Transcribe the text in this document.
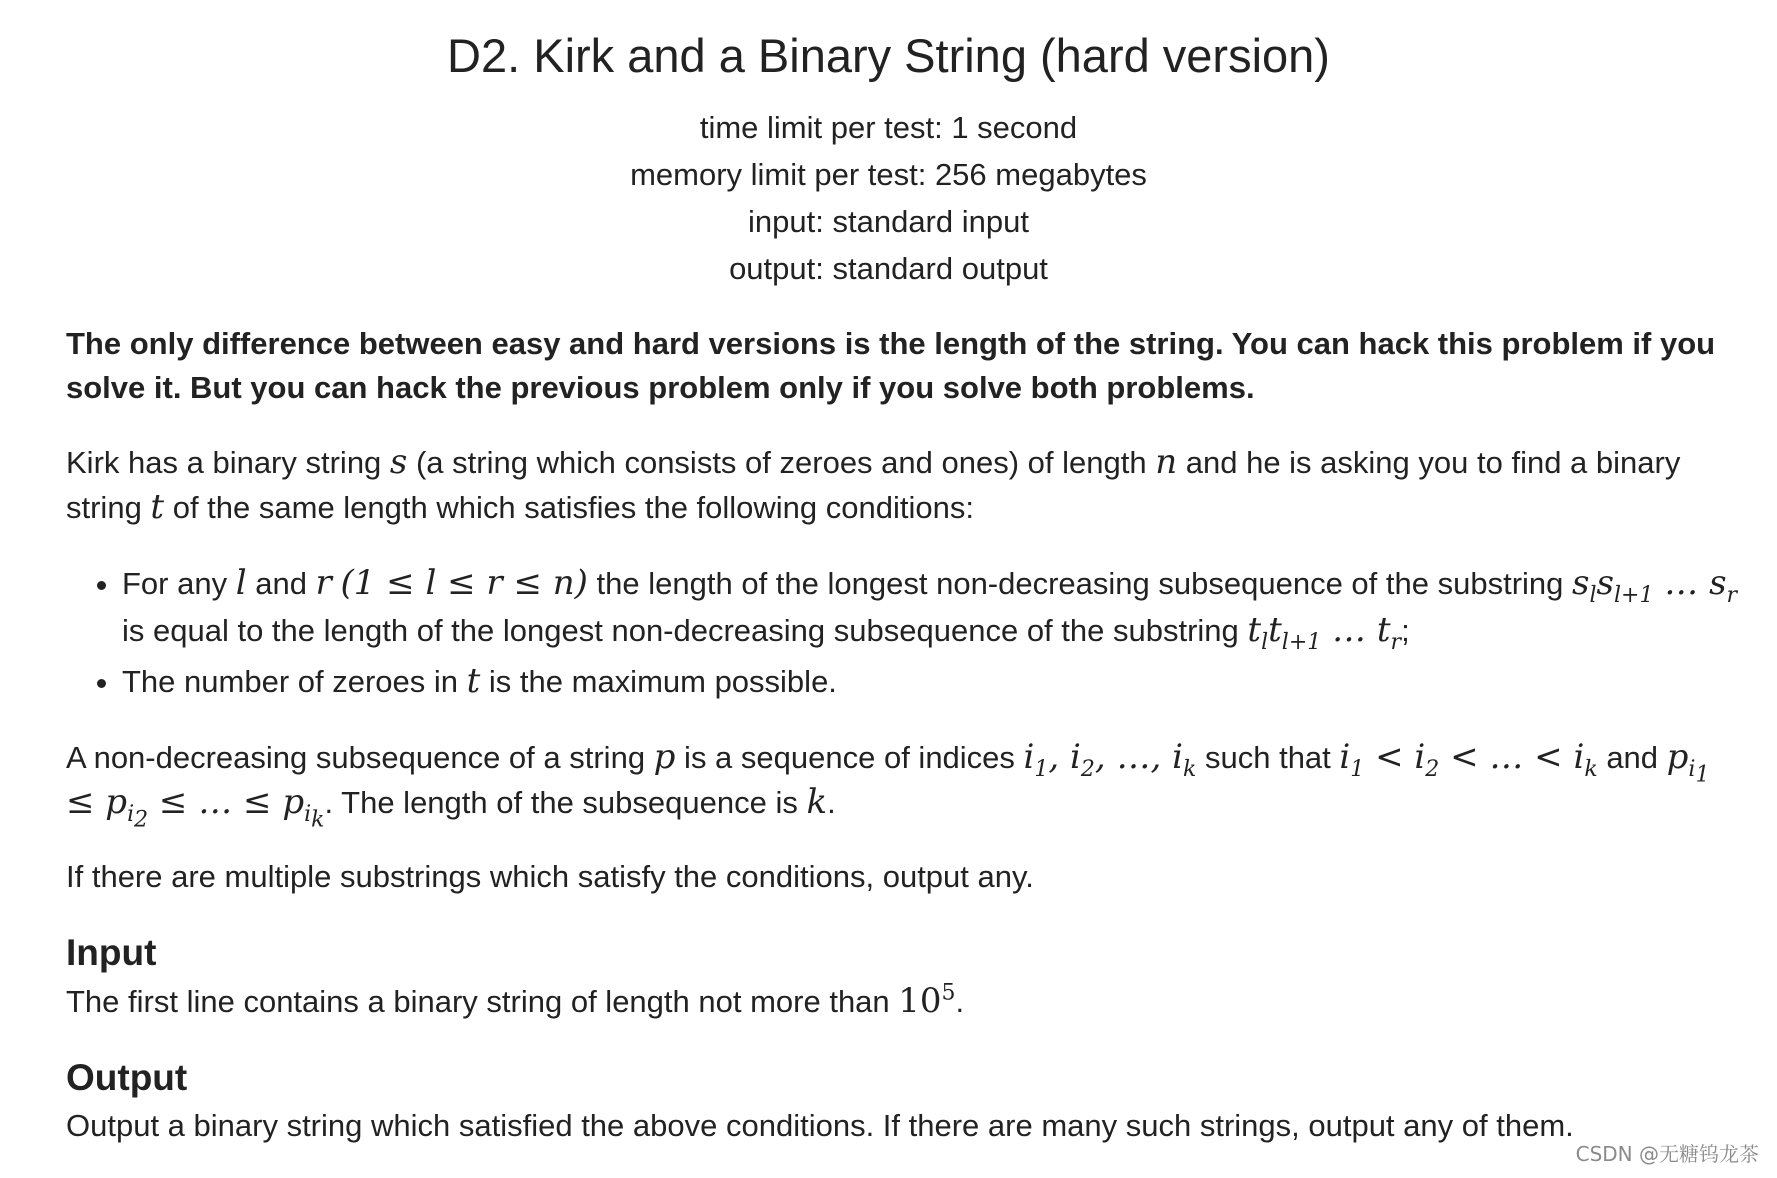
D2. Kirk and a Binary String (hard version)
time limit per test: 1 second
memory limit per test: 256 megabytes
input: standard input
output: standard output

The only difference between easy and hard versions is the length of the string. You can hack this problem if you solve it. But you can hack the previous problem only if you solve both problems.

Kirk has a binary string s (a string which consists of zeroes and ones) of length n and he is asking you to find a binary string t of the same length which satisfies the following conditions:

• For any l and r (1 ≤ l ≤ r ≤ n) the length of the longest non-decreasing subsequence of the substring $s_ls_{l+1}$ … $s_r$ is equal to the length of the longest non-decreasing subsequence of the substring $t_lt_{l+1}$ … $t_r$;
• The number of zeroes in t is the maximum possible.

A non-decreasing subsequence of a string p is a sequence of indices $i_1$, $i_2$, …, $i_k$ such that $i_1 < i_2$ < … < $i_k$ and $p_{i_1} \le p_{i_2}$ ≤ … ≤ $p_{i_k}$. The length of the subsequence is k.

If there are multiple substrings which satisfy the conditions, output any.

Input

The first line contains a binary string of length not more than $10^5$.

Output

Output a binary string which satisfied the above conditions. If there are many such strings, output any of them.

CSDN @无糖钨龙茶
